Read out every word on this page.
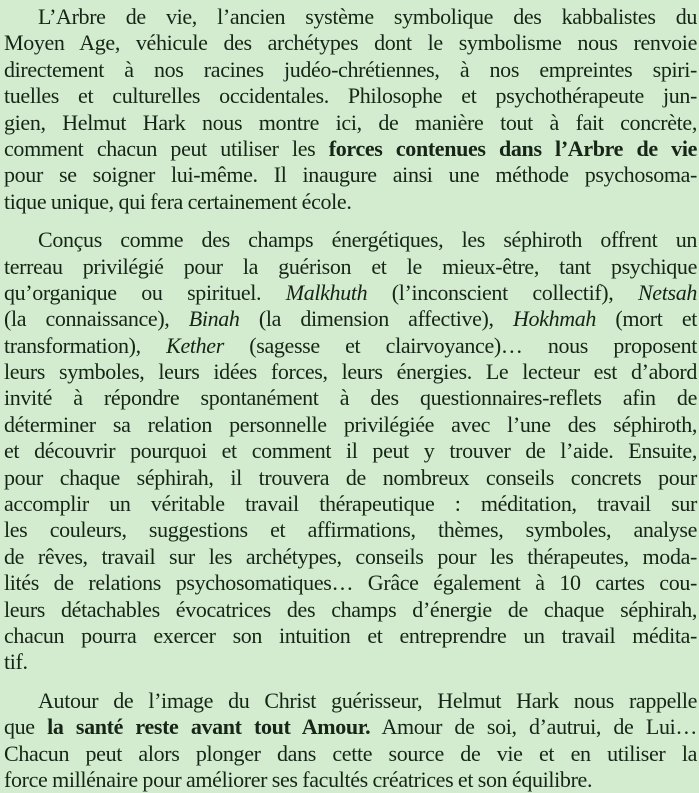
L’Arbre de vie, l’ancien système symbolique des kabbalistes du
Moyen Age, véhicule des archétypes dont le symbolisme nous renvoie
directement à nos racines judéo-chrétiennes, à nos empreintes spiri-
tuelles et culturelles occidentales. Philosophe et psychothérapeute jun-
gien, Helmut Hark nous montre ici, de manière tout à fait concrète,
comment chacun peut utiliser les forces contenues dans l’Arbre de vie
pour se soigner lui-même. Il inaugure ainsi une méthode psychosoma-
tique unique, qui fera certainement école.
Conçus comme des champs énergétiques, les séphiroth offrent un
terreau privilégié pour la guérison et le mieux-être, tant psychique
qu’organique ou spirituel. Malkhuth (l’inconscient collectif), Netsah
(la connaissance), Binah (la dimension affective), Hokhmah (mort et
transformation), Kether (sagesse et clairvoyance)… nous proposent
leurs symboles, leurs idées forces, leurs énergies. Le lecteur est d’abord
invité à répondre spontanément à des questionnaires-reflets afin de
déterminer sa relation personnelle privilégiée avec l’une des séphiroth,
et découvrir pourquoi et comment il peut y trouver de l’aide. Ensuite,
pour chaque séphirah, il trouvera de nombreux conseils concrets pour
accomplir un véritable travail thérapeutique : méditation, travail sur
les couleurs, suggestions et affirmations, thèmes, symboles, analyse
de rêves, travail sur les archétypes, conseils pour les thérapeutes, moda-
lités de relations psychosomatiques… Grâce également à 10 cartes cou-
leurs détachables évocatrices des champs d’énergie de chaque séphirah,
chacun pourra exercer son intuition et entreprendre un travail médita-
tif.
Autour de l’image du Christ guérisseur, Helmut Hark nous rappelle
que la santé reste avant tout Amour. Amour de soi, d’autrui, de Lui…
Chacun peut alors plonger dans cette source de vie et en utiliser la
force millénaire pour améliorer ses facultés créatrices et son équilibre.
